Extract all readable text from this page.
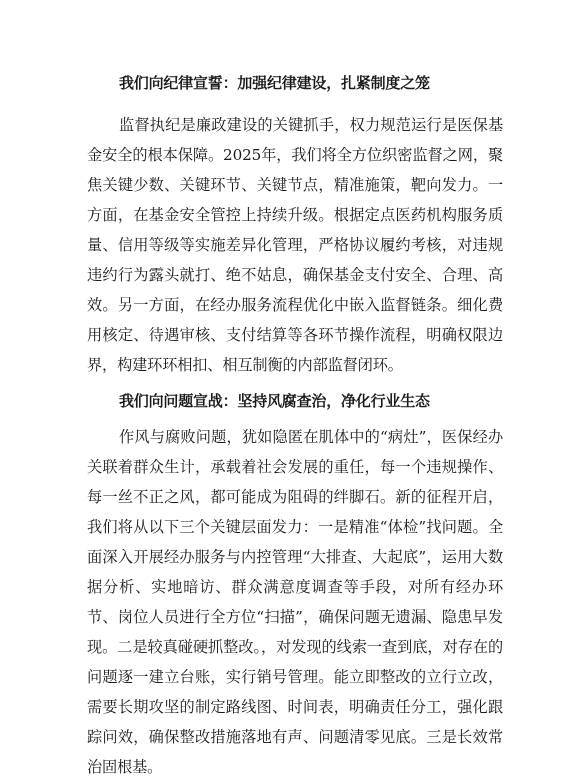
我们向纪律宣誓：加强纪律建设，扎紧制度之笼

监督执纪是廉政建设的关键抓手，权力规范运行是医保基金安全的根本保障。2025年，我们将全方位织密监督之网，聚焦关键少数、关键环节、关键节点，精准施策，靶向发力。一方面，在基金安全管控上持续升级。根据定点医药机构服务质量、信用等级等实施差异化管理，严格协议履约考核，对违规违约行为露头就打、绝不姑息，确保基金支付安全、合理、高效。另一方面，在经办服务流程优化中嵌入监督链条。细化费用核定、待遇审核、支付结算等各环节操作流程，明确权限边界，构建环环相扣、相互制衡的内部监督闭环。

我们向问题宣战：坚持风腐查治，净化行业生态

作风与腐败问题，犹如隐匿在肌体中的“病灶”，医保经办关联着群众生计，承载着社会发展的重任，每一个违规操作、每一丝不正之风，都可能成为阻碍的绊脚石。新的征程开启，我们将从以下三个关键层面发力：一是精准“体检”找问题。全面深入开展经办服务与内控管理“大排查、大起底”，运用大数据分析、实地暗访、群众满意度调查等手段，对所有经办环节、岗位人员进行全方位“扫描”，确保问题无遗漏、隐患早发现。二是较真碰硬抓整改。，对发现的线索一查到底，对存在的问题逐一建立台账，实行销号管理。能立即整改的立行立改，需要长期攻坚的制定路线图、时间表，明确责任分工，强化跟踪问效，确保整改措施落地有声、问题清零见底。三是长效常治固根基。
